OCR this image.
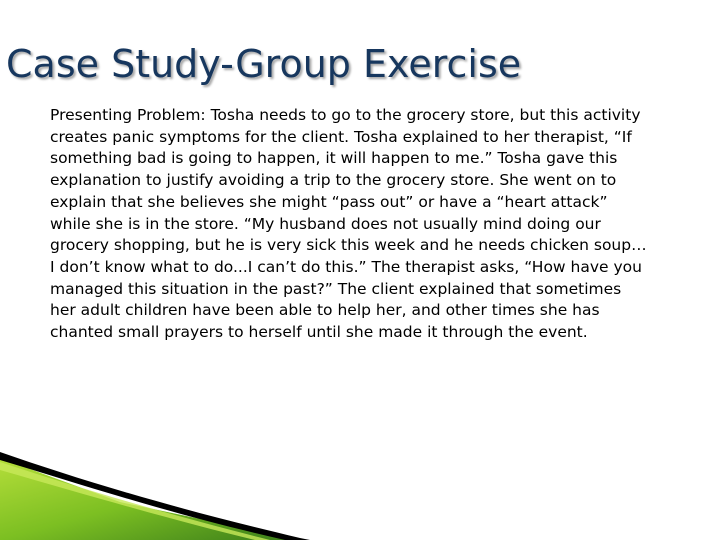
Case Study-Group Exercise

Presenting Problem: Tosha needs to go to the grocery store, but this activity creates panic symptoms for the client. Tosha explained to her therapist, “If something bad is going to happen, it will happen to me.” Tosha gave this explanation to justify avoiding a trip to the grocery store. She went on to explain that she believes she might “pass out” or have a “heart attack” while she is in the store. “My husband does not usually mind doing our grocery shopping, but he is very sick this week and he needs chicken soup…I don’t know what to do...I can’t do this.” The therapist asks, “How have you managed this situation in the past?” The client explained that sometimes her adult children have been able to help her, and other times she has chanted small prayers to herself until she made it through the event.
